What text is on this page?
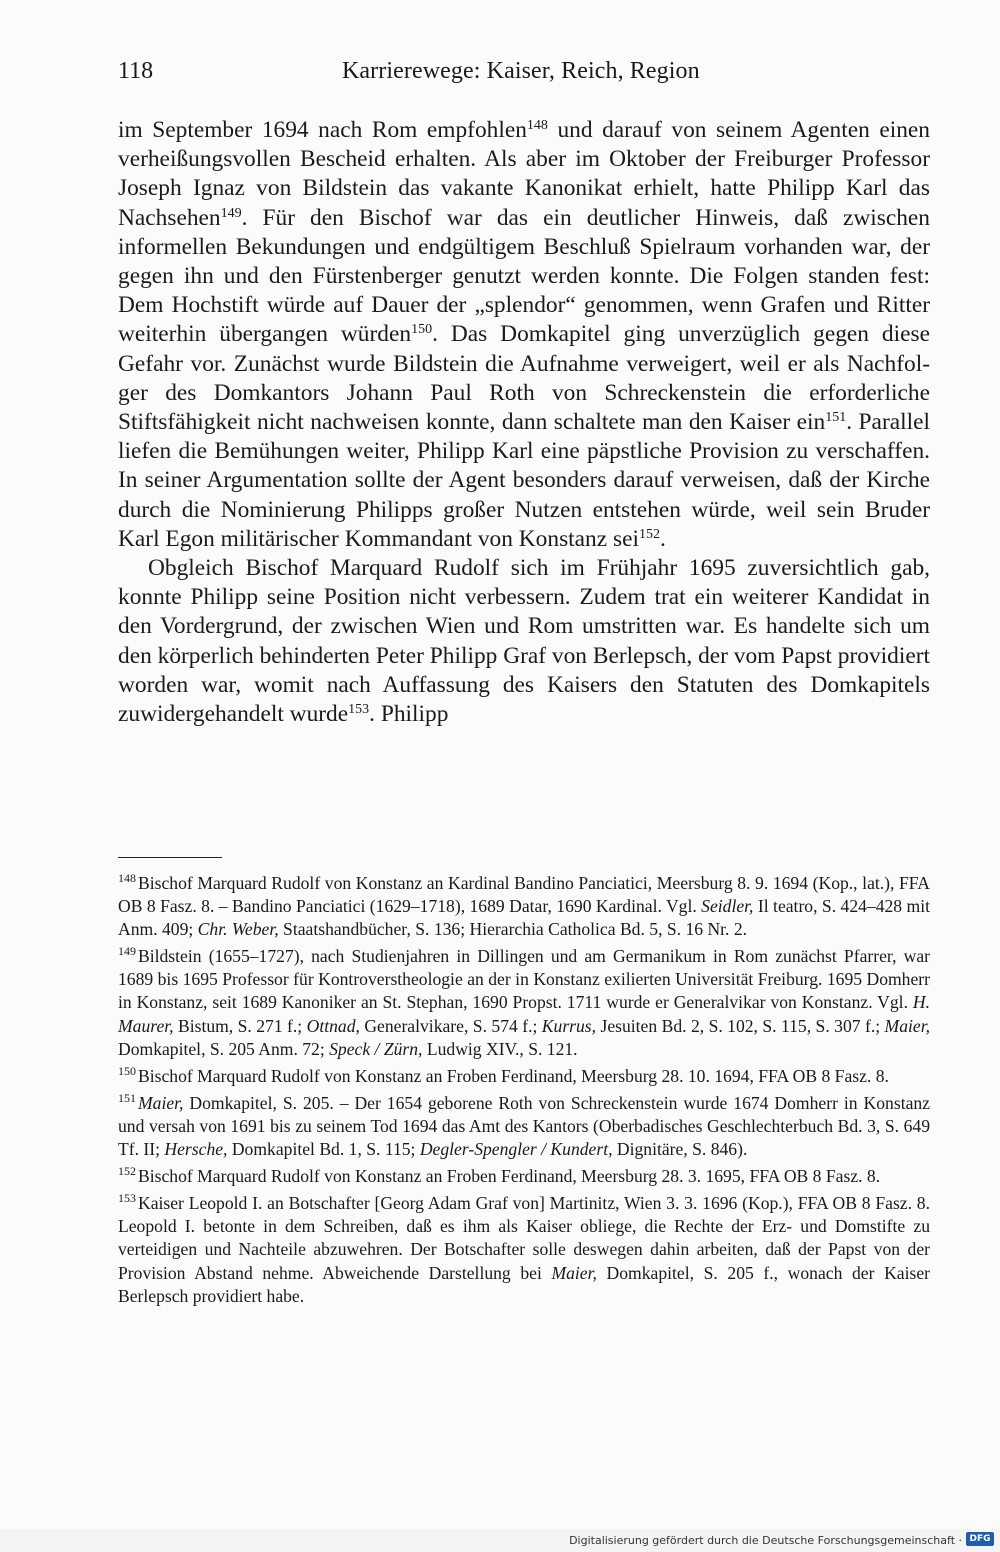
118	Karrierewege: Kaiser, Reich, Region

im September 1694 nach Rom empfohlen$^{148}$ und darauf von seinem Agenten einen verheißungsvollen Bescheid erhalten. Als aber im Oktober der Freiburger Professor Joseph Ignaz von Bildstein das vakante Kanonikat erhielt, hatte Philipp Karl das Nachsehen$^{149}$. Für den Bischof war das ein deutlicher Hinweis, daß zwischen informellen Bekundungen und endgültigem Beschluß Spielraum vorhanden war, der gegen ihn und den Fürstenberger genutzt werden konnte. Die Folgen standen fest: Dem Hochstift würde auf Dauer der „splendor“ genommen, wenn Grafen und Ritter weiterhin übergangen würden$^{150}$. Das Domkapitel ging unverzüglich gegen diese Gefahr vor. Zunächst wurde Bildstein die Aufnahme verweigert, weil er als Nachfolger des Domkantors Johann Paul Roth von Schreckenstein die erforderliche Stiftsfähigkeit nicht nachweisen konnte, dann schaltete man den Kaiser ein$^{151}$. Parallel liefen die Bemühungen weiter, Philipp Karl eine päpstliche Provision zu verschaffen. In seiner Argumentation sollte der Agent besonders darauf verweisen, daß der Kirche durch die Nominierung Philipps großer Nutzen entstehen würde, weil sein Bruder Karl Egon militärischer Kommandant von Konstanz sei$^{152}$.

Obgleich Bischof Marquard Rudolf sich im Frühjahr 1695 zuversichtlich gab, konnte Philipp seine Position nicht verbessern. Zudem trat ein weiterer Kandidat in den Vordergrund, der zwischen Wien und Rom umstritten war. Es handelte sich um den körperlich behinderten Peter Philipp Graf von Berlepsch, der vom Papst providiert worden war, womit nach Auffassung des Kaisers den Statuten des Domkapitels zuwidergehandelt wurde$^{153}$. Philipp

$^{148}$ Bischof Marquard Rudolf von Konstanz an Kardinal Bandino Panciatici, Meersburg 8. 9. 1694 (Kop., lat.), FFA OB 8 Fasz. 8. – Bandino Panciatici (1629–1718), 1689 Datar, 1690 Kardinal. Vgl. Seidler, Il teatro, S. 424–428 mit Anm. 409; Chr. Weber, Staatshandbücher, S. 136; Hierarchia Catholica Bd. 5, S. 16 Nr. 2.

$^{149}$ Bildstein (1655–1727), nach Studienjahren in Dillingen und am Germanikum in Rom zunächst Pfarrer, war 1689 bis 1695 Professor für Kontroverstheologie an der in Konstanz exilierten Universität Freiburg. 1695 Domherr in Konstanz, seit 1689 Kanoniker an St. Stephan, 1690 Propst. 1711 wurde er Generalvikar von Konstanz. Vgl. H. Maurer, Bistum, S. 271 f.; Ottnad, Generalvikare, S. 574 f.; Kurrus, Jesuiten Bd. 2, S. 102, S. 115, S. 307 f.; Maier, Domkapitel, S. 205 Anm. 72; Speck / Zürn, Ludwig XIV., S. 121.

$^{150}$ Bischof Marquard Rudolf von Konstanz an Froben Ferdinand, Meersburg 28. 10. 1694, FFA OB 8 Fasz. 8.

$^{151}$ Maier, Domkapitel, S. 205. – Der 1654 geborene Roth von Schreckenstein wurde 1674 Domherr in Konstanz und versah von 1691 bis zu seinem Tod 1694 das Amt des Kantors (Oberbadisches Geschlechterbuch Bd. 3, S. 649 Tf. II; Hersche, Domkapitel Bd. 1, S. 115; Degler-Spengler / Kundert, Dignitäre, S. 846).

$^{152}$ Bischof Marquard Rudolf von Konstanz an Froben Ferdinand, Meersburg 28. 3. 1695, FFA OB 8 Fasz. 8.

$^{153}$ Kaiser Leopold I. an Botschafter [Georg Adam Graf von] Martinitz, Wien 3. 3. 1696 (Kop.), FFA OB 8 Fasz. 8. Leopold I. betonte in dem Schreiben, daß es ihm als Kaiser obliege, die Rechte der Erz- und Domstifte zu verteidigen und Nachteile abzuwehren. Der Botschafter solle deswegen dahin arbeiten, daß der Papst von der Provision Abstand nehme. Abweichende Darstellung bei Maier, Domkapitel, S. 205 f., wonach der Kaiser Berlepsch providiert habe.

Digitalisierung gefördert durch die Deutsche Forschungsgemeinschaft · DFG
